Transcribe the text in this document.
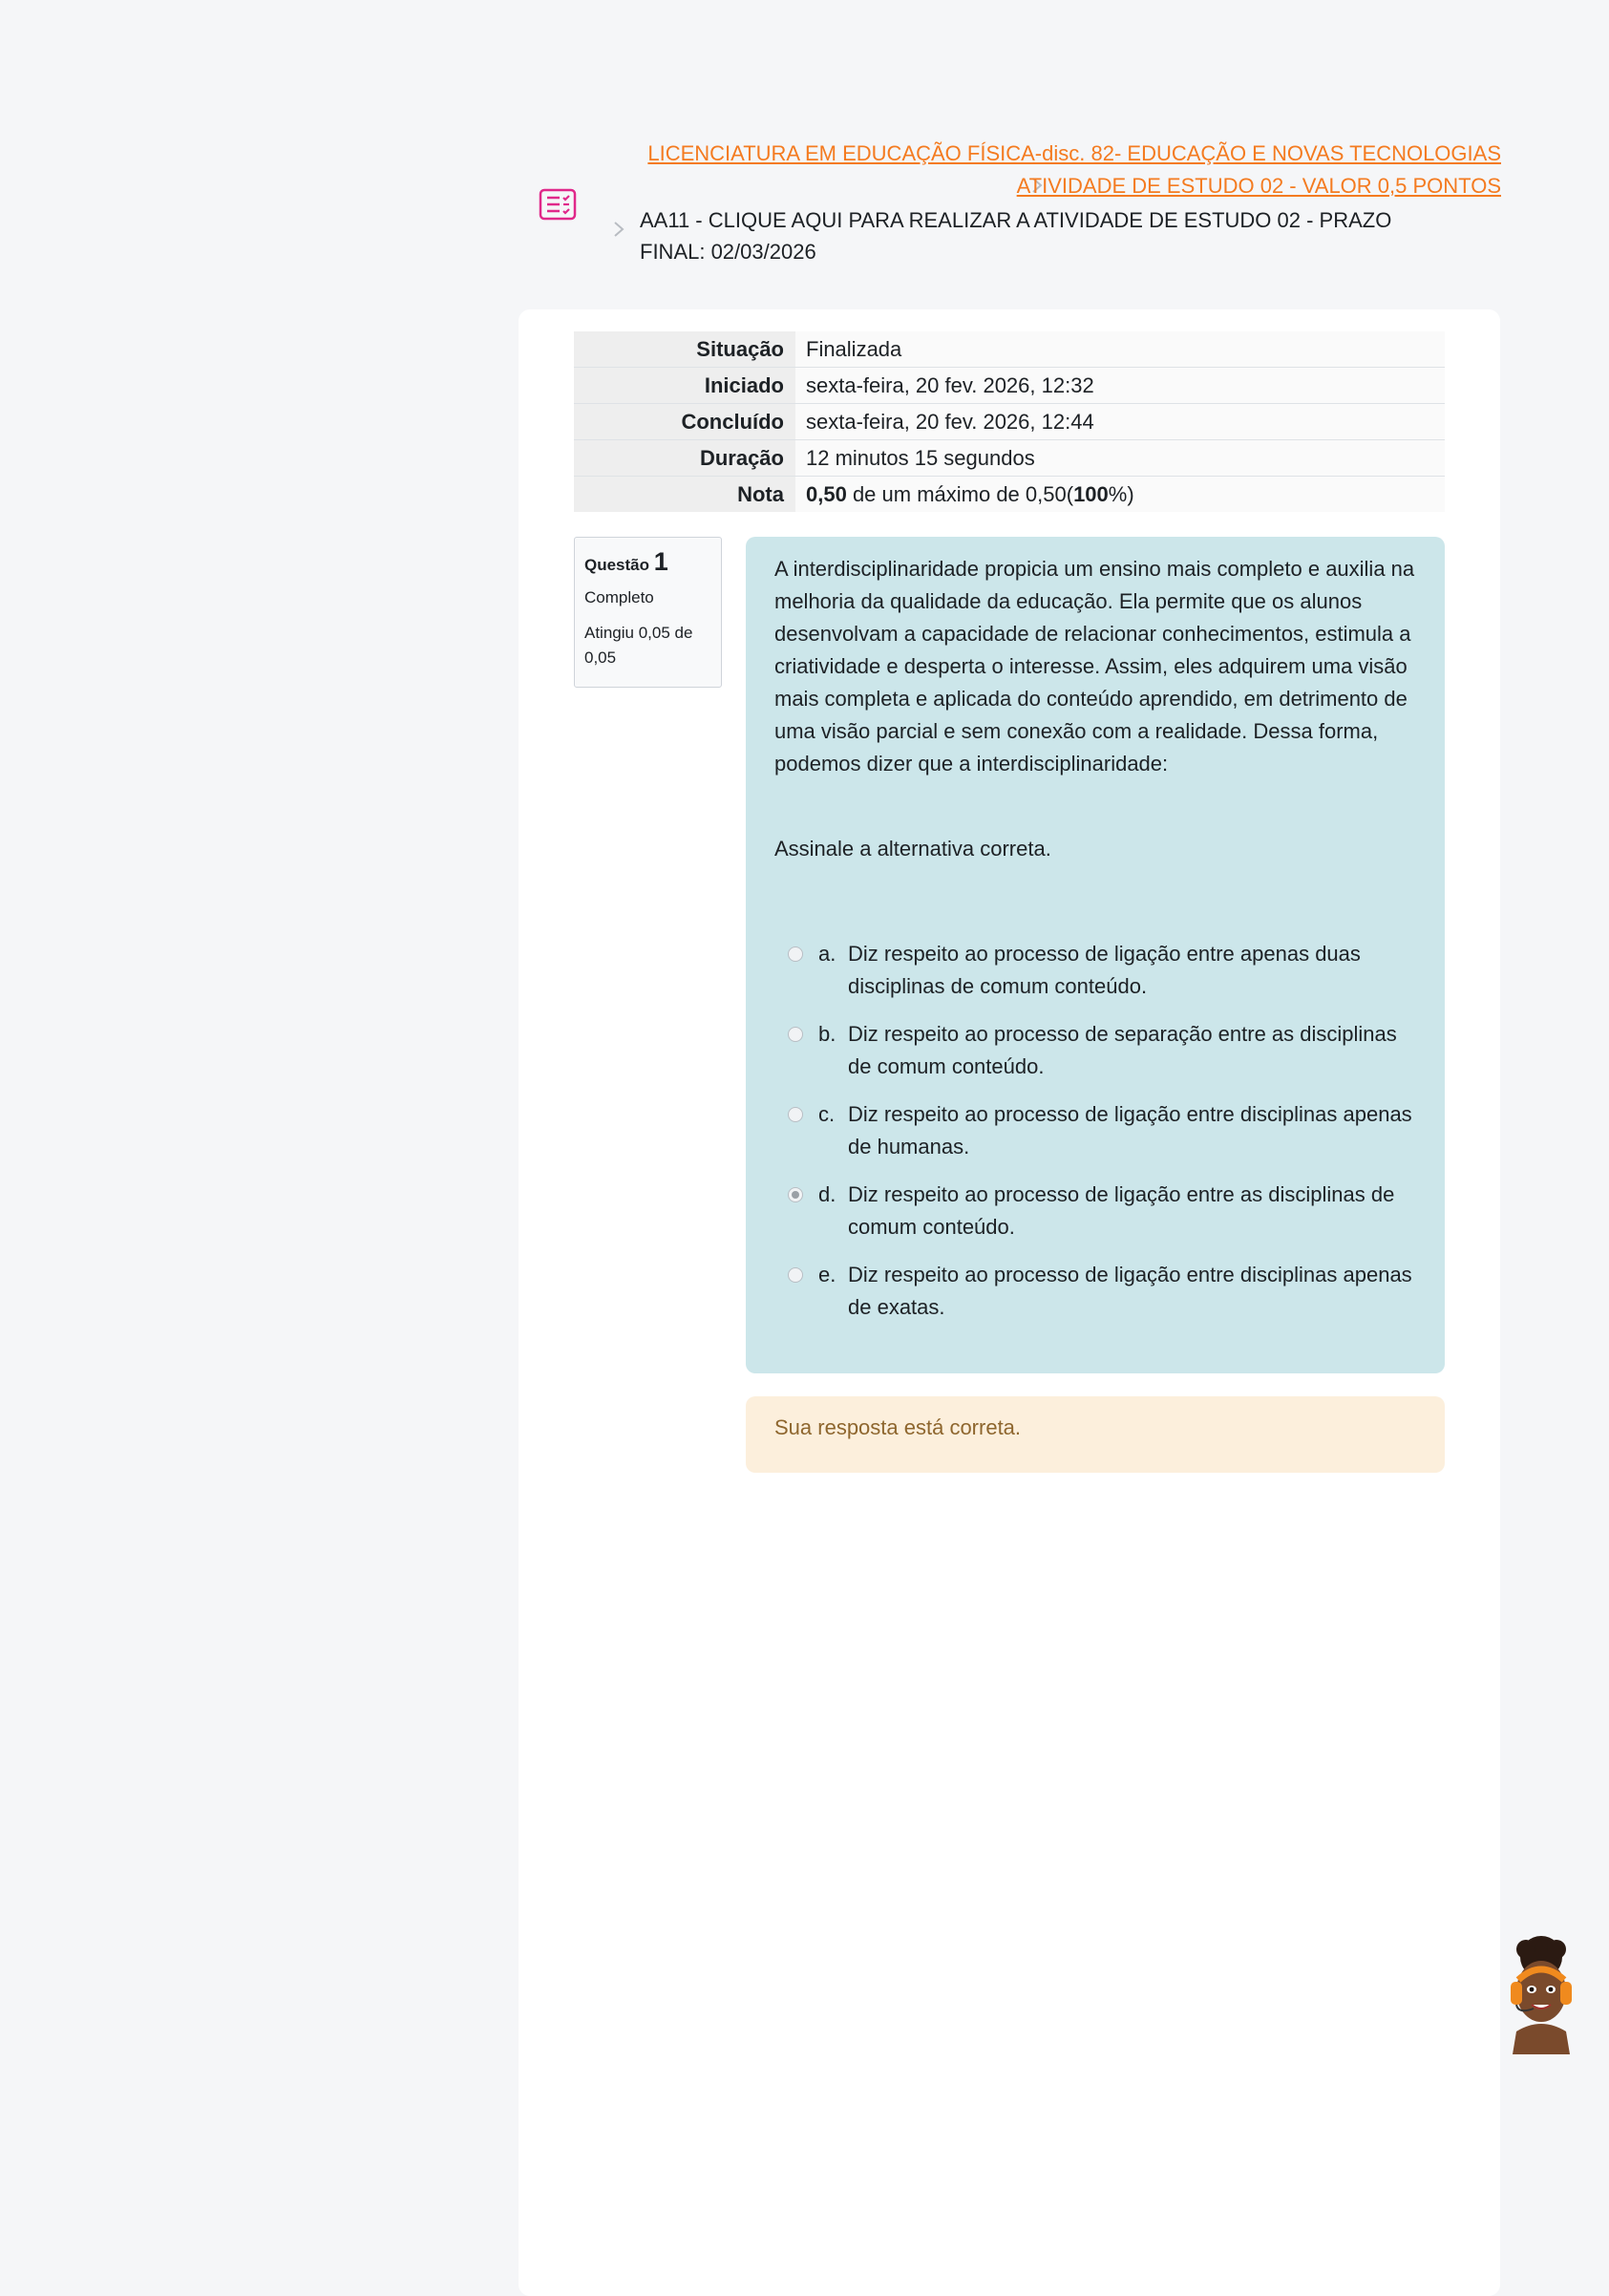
LICENCIATURA EM EDUCAÇÃO FÍSICA-disc. 82- EDUCAÇÃO E NOVAS TECNOLOGIAS
ATIVIDADE DE ESTUDO 02 - VALOR 0,5 PONTOS
AA11 - CLIQUE AQUI PARA REALIZAR A ATIVIDADE DE ESTUDO 02 - PRAZO FINAL: 02/03/2026
Situação	Finalizada
Iniciado	sexta-feira, 20 fev. 2026, 12:32
Concluído	sexta-feira, 20 fev. 2026, 12:44
Duração	12 minutos 15 segundos
Nota	0,50 de um máximo de 0,50(100%)
Questão 1
Completo
Atingiu 0,05 de 0,05

A interdisciplinaridade propicia um ensino mais completo e auxilia na melhoria da qualidade da educação. Ela permite que os alunos desenvolvam a capacidade de relacionar conhecimentos, estimula a criatividade e desperta o interesse. Assim, eles adquirem uma visão mais completa e aplicada do conteúdo aprendido, em detrimento de uma visão parcial e sem conexão com a realidade. Dessa forma, podemos dizer que a interdisciplinaridade:

Assinale a alternativa correta.

a. Diz respeito ao processo de ligação entre apenas duas disciplinas de comum conteúdo.
b. Diz respeito ao processo de separação entre as disciplinas de comum conteúdo.
c. Diz respeito ao processo de ligação entre disciplinas apenas de humanas.
d. Diz respeito ao processo de ligação entre as disciplinas de comum conteúdo.
e. Diz respeito ao processo de ligação entre disciplinas apenas de exatas.
Sua resposta está correta.
